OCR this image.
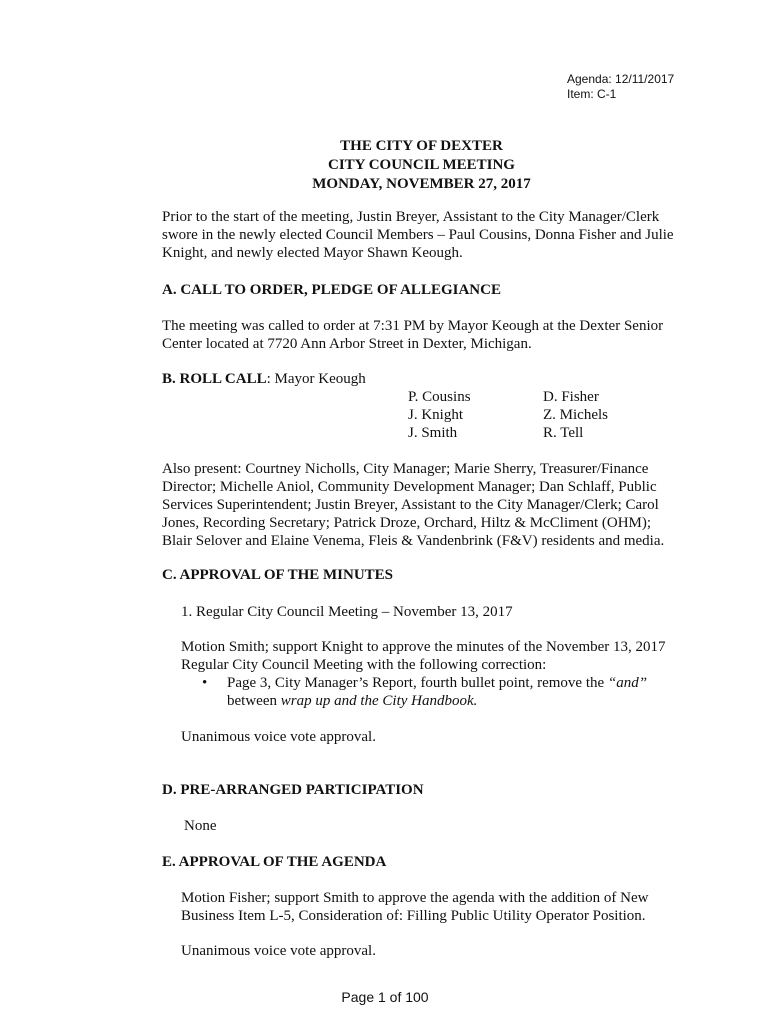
Agenda: 12/11/2017
Item: C-1
THE CITY OF DEXTER
CITY COUNCIL MEETING
MONDAY, NOVEMBER 27, 2017
Prior to the start of the meeting, Justin Breyer, Assistant to the City Manager/Clerk
swore in the newly elected Council Members – Paul Cousins, Donna Fisher and Julie
Knight, and newly elected Mayor Shawn Keough.
A. CALL TO ORDER, PLEDGE OF ALLEGIANCE
The meeting was called to order at 7:31 PM by Mayor Keough at the Dexter Senior
Center located at 7720 Ann Arbor Street in Dexter, Michigan.
B. ROLL CALL: Mayor Keough
P. Cousins
J. Knight
J. Smith
D. Fisher
Z. Michels
R. Tell
Also present: Courtney Nicholls, City Manager; Marie Sherry, Treasurer/Finance
Director; Michelle Aniol, Community Development Manager; Dan Schlaff, Public
Services Superintendent; Justin Breyer, Assistant to the City Manager/Clerk; Carol
Jones, Recording Secretary; Patrick Droze, Orchard, Hiltz & McCliment (OHM);
Blair Selover and Elaine Venema, Fleis & Vandenbrink (F&V) residents and media.
C. APPROVAL OF THE MINUTES
1. Regular City Council Meeting – November 13, 2017
Motion Smith; support Knight to approve the minutes of the November 13, 2017
Regular City Council Meeting with the following correction:
• Page 3, City Manager’s Report, fourth bullet point, remove the “and”
between wrap up and the City Handbook.
Unanimous voice vote approval.
D. PRE-ARRANGED PARTICIPATION
None
E. APPROVAL OF THE AGENDA
Motion Fisher; support Smith to approve the agenda with the addition of New
Business Item L-5, Consideration of: Filling Public Utility Operator Position.
Unanimous voice vote approval.
Page 1 of 100
